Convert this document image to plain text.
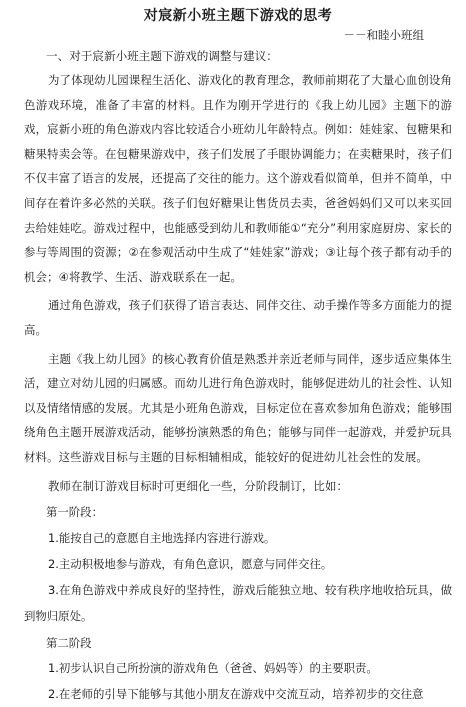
对宸新小班主题下游戏的思考
－－和睦小班组
一、对于宸新小班主题下游戏的调整与建议：

为了体现幼儿园课程生活化、游戏化的教育理念，教师前期花了大量心血创设角色游戏环境，准备了丰富的材料。且作为刚开学进行的《我上幼儿园》主题下的游戏，宸新小班的角色游戏内容比较适合小班幼儿年龄特点。例如：娃娃家、包糖果和糖果特卖会等。在包糖果游戏中，孩子们发展了手眼协调能力；在卖糖果时，孩子们不仅丰富了语言的发展，还提高了交往的能力。这个游戏看似简单，但并不简单，中间存在着许多必然的关联。孩子们包好糖果让售货员去卖，爸爸妈妈们又可以来买回去给娃娃吃。游戏过程中，也能感受到幼儿和教师能①“充分”利用家庭厨房、家长的参与等周围的资源；②在参观活动中生成了“娃娃家”游戏；③让每个孩子都有动手的机会；④将教学、生活、游戏联系在一起。

通过角色游戏，孩子们获得了语言表达、同伴交往、动手操作等多方面能力的提高。

主题《我上幼儿园》的核心教育价值是熟悉并亲近老师与同伴，逐步适应集体生活，建立对幼儿园的归属感。而幼儿进行角色游戏时，能够促进幼儿的社会性、认知以及情绪情感的发展。尤其是小班角色游戏，目标定位在喜欢参加角色游戏；能够围绕角色主题开展游戏活动，能够扮演熟悉的角色；能够与同伴一起游戏，并爱护玩具材料。这些游戏目标与主题的目标相辅相成，能较好的促进幼儿社会性的发展。

教师在制订游戏目标时可更细化一些，分阶段制订，比如：

第一阶段：

1.能按自己的意愿自主地选择内容进行游戏。

2.主动积极地参与游戏，有角色意识，愿意与同伴交往。

3.在角色游戏中养成良好的坚持性，游戏后能独立地、较有秩序地收拾玩具，做到物归原处。

第二阶段

1.初步认识自己所扮演的游戏角色（爸爸、妈妈等）的主要职责。

2.在老师的引导下能够与其他小朋友在游戏中交流互动，培养初步的交往意
